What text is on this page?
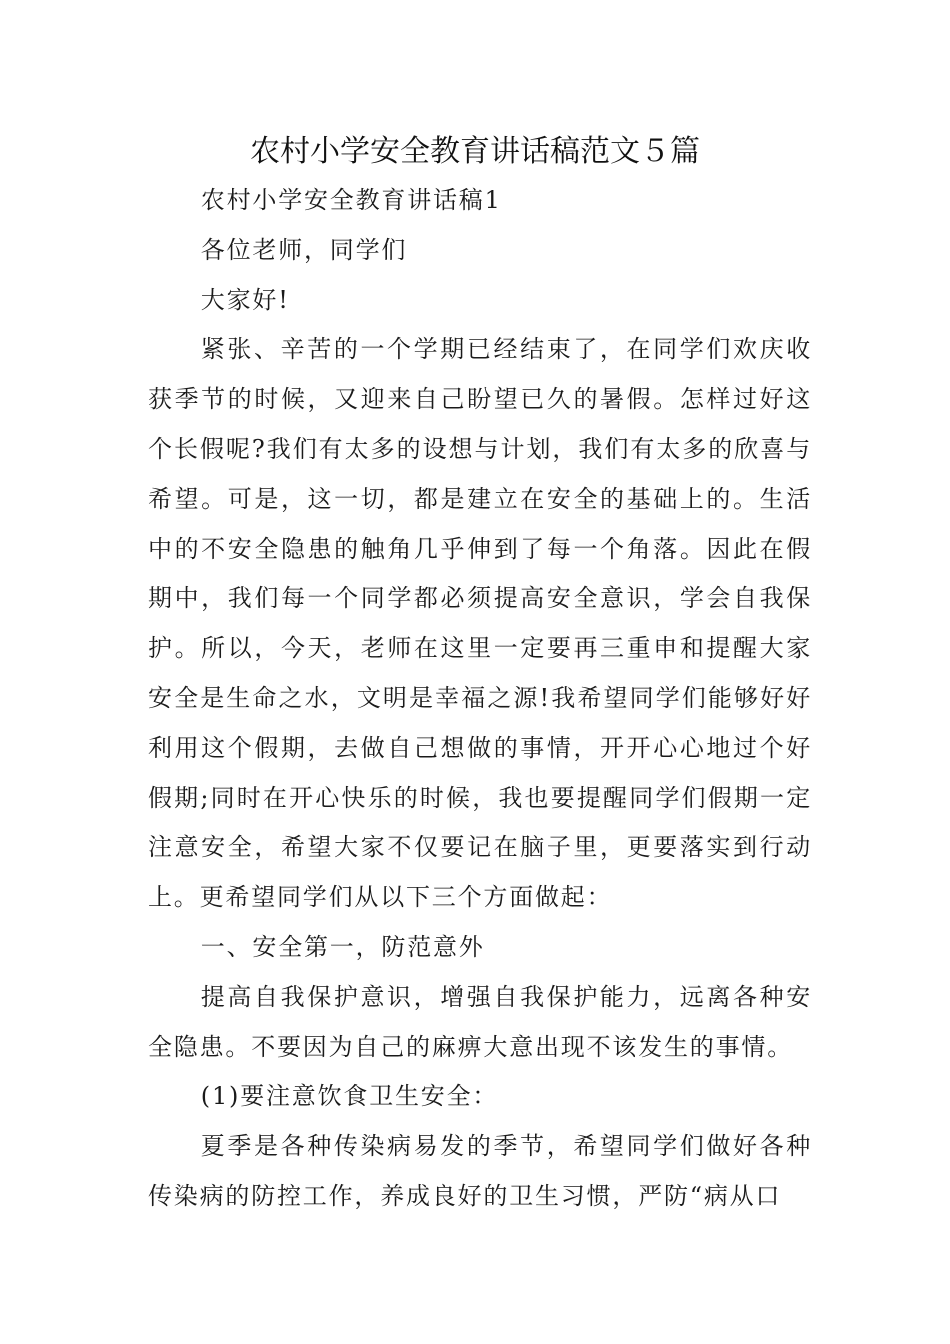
农村小学安全教育讲话稿范文５篇

农村小学安全教育讲话稿1

各位老师，同学们

大家好!

紧张、辛苦的一个学期已经结束了，在同学们欢庆收获季节的时候，又迎来自己盼望已久的暑假。怎样过好这个长假呢?我们有太多的设想与计划，我们有太多的欣喜与希望。可是，这一切，都是建立在安全的基础上的。生活中的不安全隐患的触角几乎伸到了每一个角落。因此在假期中，我们每一个同学都必须提高安全意识，学会自我保护。所以，今天，老师在这里一定要再三重申和提醒大家安全是生命之水，文明是幸福之源!我希望同学们能够好好利用这个假期，去做自己想做的事情，开开心心地过个好假期;同时在开心快乐的时候，我也要提醒同学们假期一定注意安全，希望大家不仅要记在脑子里，更要落实到行动上。更希望同学们从以下三个方面做起：

一、安全第一，防范意外

提高自我保护意识，增强自我保护能力，远离各种安全隐患。不要因为自己的麻痹大意出现不该发生的事情。

(1)要注意饮食卫生安全：

夏季是各种传染病易发的季节，希望同学们做好各种传染病的防控工作，养成良好的卫生习惯，严防“病从口
